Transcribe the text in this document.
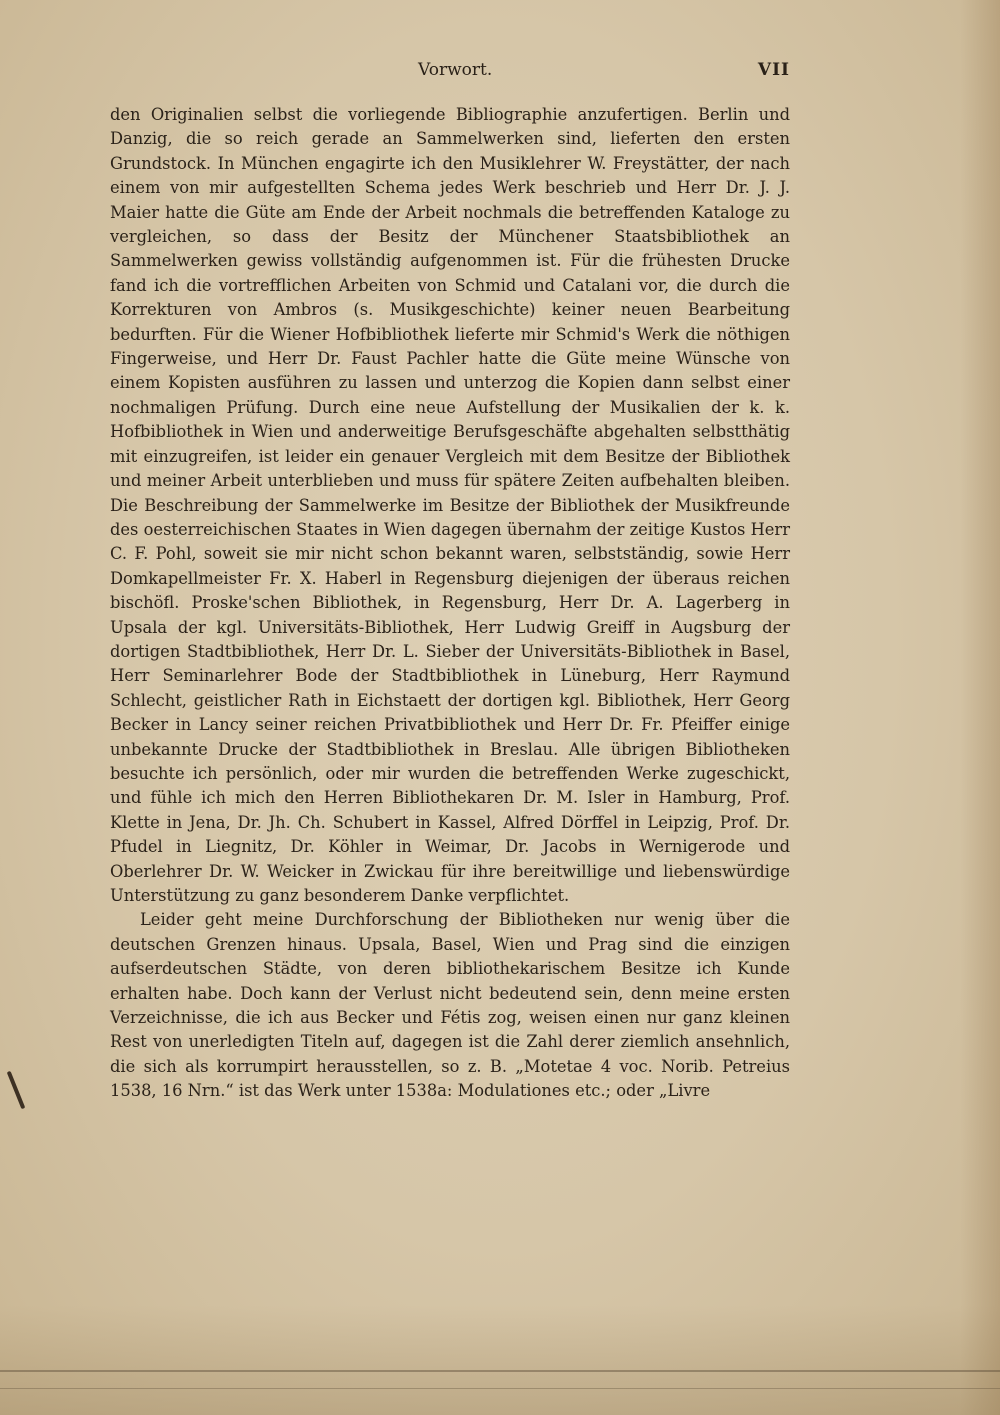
Vorwort.	VII

den Originalien selbst die vorliegende Bibliographie anzufertigen. Berlin und Danzig, die so reich gerade an Sammelwerken sind, lieferten den ersten Grundstock. In München engagirte ich den Musiklehrer W. Freystätter, der nach einem von mir aufgestellten Schema jedes Werk beschrieb und Herr Dr. J. J. Maier hatte die Güte am Ende der Arbeit nochmals die betreffenden Kataloge zu vergleichen, so dass der Besitz der Münchener Staatsbibliothek an Sammelwerken gewiss vollständig aufgenommen ist. Für die frühesten Drucke fand ich die vortrefflichen Arbeiten von Schmid und Catalani vor, die durch die Korrekturen von Ambros (s. Musikgeschichte) keiner neuen Bearbeitung bedurften. Für die Wiener Hofbibliothek lieferte mir Schmid's Werk die nöthigen Fingerweise, und Herr Dr. Faust Pachler hatte die Güte meine Wünsche von einem Kopisten ausführen zu lassen und unterzog die Kopien dann selbst einer nochmaligen Prüfung. Durch eine neue Aufstellung der Musikalien der k. k. Hofbibliothek in Wien und anderweitige Berufsgeschäfte abgehalten selbstthätig mit einzugreifen, ist leider ein genauer Vergleich mit dem Besitze der Bibliothek und meiner Arbeit unterblieben und muss für spätere Zeiten aufbehalten bleiben. Die Beschreibung der Sammelwerke im Besitze der Bibliothek der Musikfreunde des oesterreichischen Staates in Wien dagegen übernahm der zeitige Kustos Herr C. F. Pohl, soweit sie mir nicht schon bekannt waren, selbstständig, sowie Herr Domkapellmeister Fr. X. Haberl in Regensburg diejenigen der überaus reichen bischöfl. Proske'schen Bibliothek, in Regensburg, Herr Dr. A. Lagerberg in Upsala der kgl. Universitäts-Bibliothek, Herr Ludwig Greiff in Augsburg der dortigen Stadtbibliothek, Herr Dr. L. Sieber der Universitäts-Bibliothek in Basel, Herr Seminarlehrer Bode der Stadtbibliothek in Lüneburg, Herr Raymund Schlecht, geistlicher Rath in Eichstaett der dortigen kgl. Bibliothek, Herr Georg Becker in Lancy seiner reichen Privatbibliothek und Herr Dr. Fr. Pfeiffer einige unbekannte Drucke der Stadtbibliothek in Breslau. Alle übrigen Bibliotheken besuchte ich persönlich, oder mir wurden die betreffenden Werke zugeschickt, und fühle ich mich den Herren Bibliothekaren Dr. M. Isler in Hamburg, Prof. Klette in Jena, Dr. Jh. Ch. Schubert in Kassel, Alfred Dörffel in Leipzig, Prof. Dr. Pfudel in Liegnitz, Dr. Köhler in Weimar, Dr. Jacobs in Wernigerode und Oberlehrer Dr. W. Weicker in Zwickau für ihre bereitwillige und liebenswürdige Unterstützung zu ganz besonderem Danke verpflichtet.

Leider geht meine Durchforschung der Bibliotheken nur wenig über die deutschen Grenzen hinaus. Upsala, Basel, Wien und Prag sind die einzigen aufserdeutschen Städte, von deren bibliothekarischem Besitze ich Kunde erhalten habe. Doch kann der Verlust nicht bedeutend sein, denn meine ersten Verzeichnisse, die ich aus Becker und Fétis zog, weisen einen nur ganz kleinen Rest von unerledigten Titeln auf, dagegen ist die Zahl derer ziemlich ansehnlich, die sich als korrumpirt herausstellen, so z. B. „Motetae 4 voc. Norib. Petreius 1538, 16 Nrn.“ ist das Werk unter 1538a: Modulationes etc.; oder „Livre
